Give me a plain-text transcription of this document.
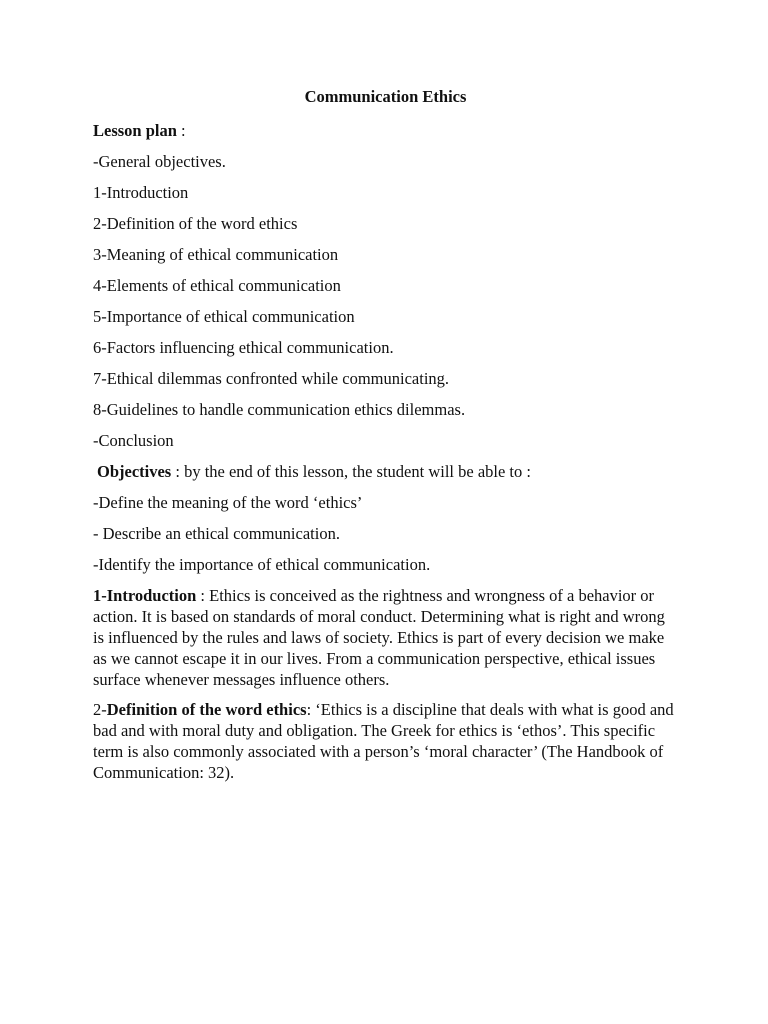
Communication Ethics
Lesson plan :
-General objectives.
1-Introduction
2-Definition of the word ethics
3-Meaning of ethical communication
4-Elements of ethical communication
5-Importance of ethical communication
6-Factors influencing ethical communication.
7-Ethical dilemmas confronted while communicating.
8-Guidelines to handle communication ethics dilemmas.
-Conclusion
Objectives : by the end of this lesson, the student will be able to :
-Define the meaning of the word ‘ethics’
- Describe an ethical communication.
-Identify the importance of ethical communication.

1-Introduction : Ethics is conceived as the rightness and wrongness of a behavior or action. It is based on standards of moral conduct. Determining what is right and wrong is influenced by the rules and laws of society. Ethics is part of every decision we make as we cannot escape it in our lives. From a communication perspective, ethical issues surface whenever messages influence others.

2-Definition of the word ethics: ‘Ethics is a discipline that deals with what is good and bad and with moral duty and obligation. The Greek for ethics is ‘ethos’. This specific term is also commonly associated with a person’s ‘moral character’ (The Handbook of Communication: 32).
